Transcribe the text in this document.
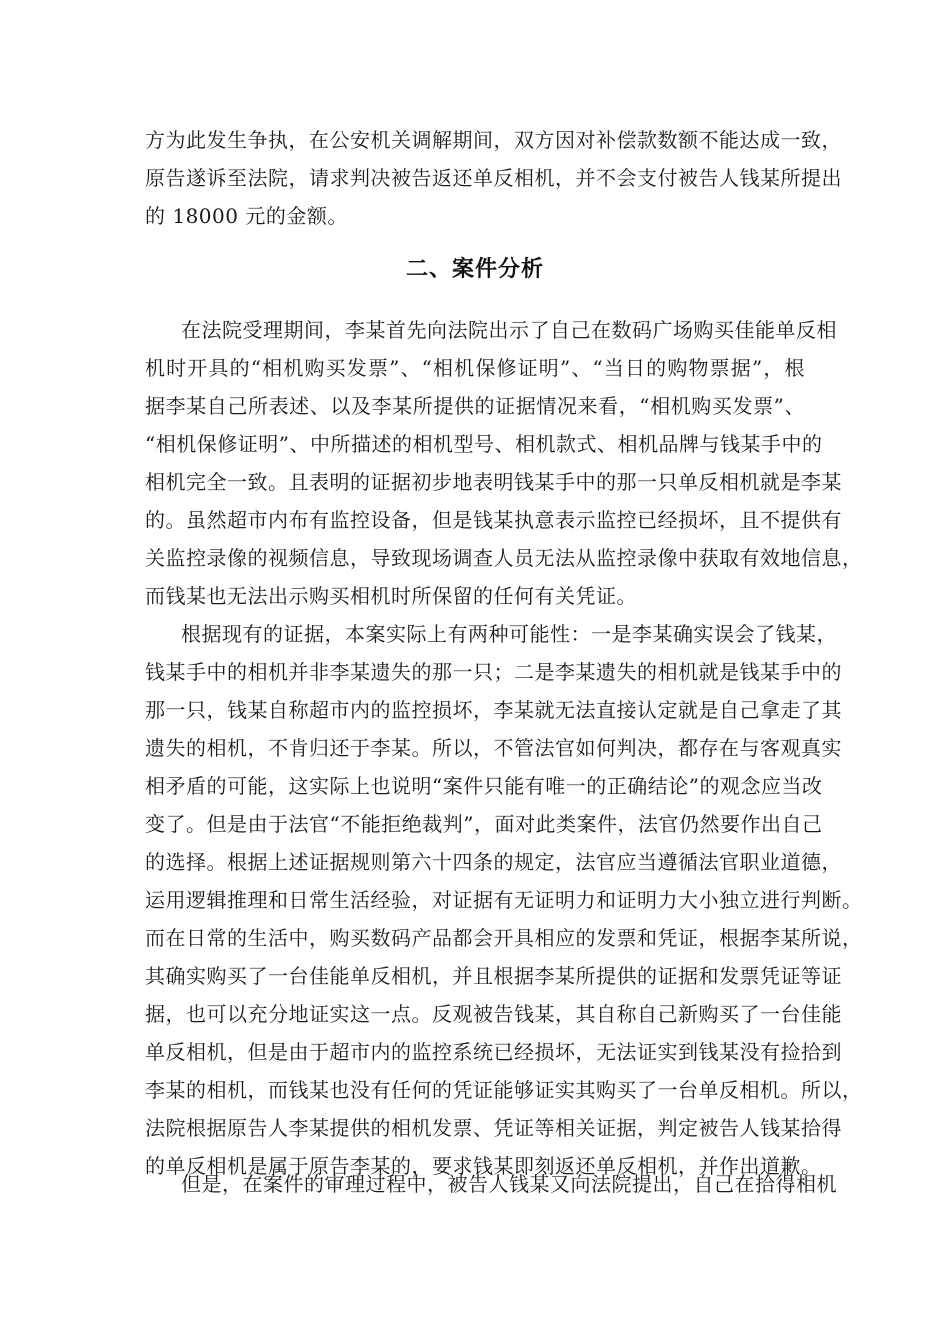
方为此发生争执，在公安机关调解期间，双方因对补偿款数额不能达成一致，
原告遂诉至法院，请求判决被告返还单反相机，并不会支付被告人钱某所提出
的 18000 元的金额。
二、案件分析
在法院受理期间，李某首先向法院出示了自己在数码广场购买佳能单反相
机时开具的“相机购买发票”、“相机保修证明”、“当日的购物票据”，根
据李某自己所表述、以及李某所提供的证据情况来看，“相机购买发票”、
“相机保修证明”、中所描述的相机型号、相机款式、相机品牌与钱某手中的
相机完全一致。且表明的证据初步地表明钱某手中的那一只单反相机就是李某
的。虽然超市内布有监控设备，但是钱某执意表示监控已经损坏，且不提供有
关监控录像的视频信息，导致现场调查人员无法从监控录像中获取有效地信息，
而钱某也无法出示购买相机时所保留的任何有关凭证。
根据现有的证据，本案实际上有两种可能性：一是李某确实误会了钱某，
钱某手中的相机并非李某遗失的那一只；二是李某遗失的相机就是钱某手中的
那一只，钱某自称超市内的监控损坏，李某就无法直接认定就是自己拿走了其
遗失的相机，不肯归还于李某。所以，不管法官如何判决，都存在与客观真实
相矛盾的可能，这实际上也说明“案件只能有唯一的正确结论”的观念应当改
变了。但是由于法官“不能拒绝裁判”，面对此类案件，法官仍然要作出自己
的选择。根据上述证据规则第六十四条的规定，法官应当遵循法官职业道德，
运用逻辑推理和日常生活经验，对证据有无证明力和证明力大小独立进行判断。
而在日常的生活中，购买数码产品都会开具相应的发票和凭证，根据李某所说，
其确实购买了一台佳能单反相机，并且根据李某所提供的证据和发票凭证等证
据，也可以充分地证实这一点。反观被告钱某，其自称自己新购买了一台佳能
单反相机，但是由于超市内的监控系统已经损坏，无法证实到钱某没有捡拾到
李某的相机，而钱某也没有任何的凭证能够证实其购买了一台单反相机。所以，
法院根据原告人李某提供的相机发票、凭证等相关证据，判定被告人钱某拾得
的单反相机是属于原告李某的，要求钱某即刻返还单反相机，并作出道歉。
但是，在案件的审理过程中，被告人钱某又向法院提出，自己在拾得相机
